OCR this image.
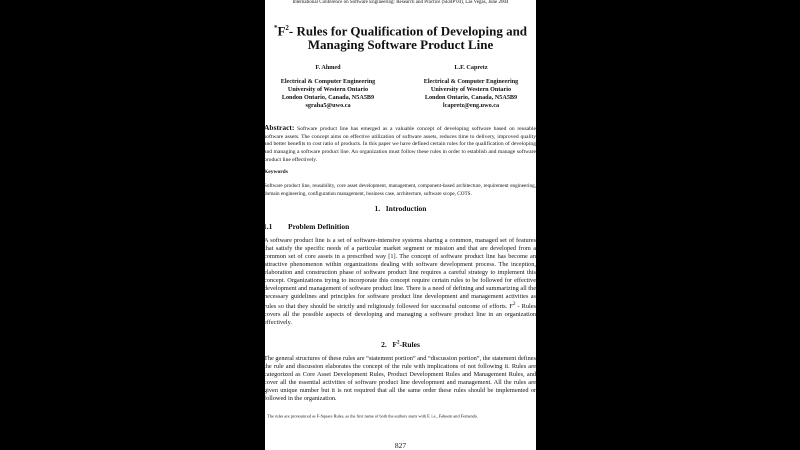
International Conference on Software Engineering: Research and Practice (SERP'04), Las Vegas, June 2004
$^*F^2-$ Rules for Qualification of Developing and
Managing Software Product Line
F. Ahmed
Electrical & Computer Engineering
University of Western Ontario
London Ontario, Canada, N5A5B9
sgraha5@uwo.ca
L.F. Capretz
Electrical & Computer Engineering
University of Western Ontario
London Ontario, Canada, N5A5B9
lcapretz@eng.uwo.ca
Abstract: Software product line has emerged as a valuable concept of developing software based on reusable software assets. The concept aims on effective utilization of software assets, reduces time to delivery, improved quality and better benefits to cost ratio of products. In this paper we have defined certain rules for the qualification of developing and managing a software product line. An organization must follow these rules in order to establish and manage software product line effectively.
Keywords
Software product line, reusability, core asset development, management, component-based architecture, requirement engineering, domain engineering, configuration management, business case, architecture, software scope, COTS.
1. Introduction
1.1 Problem Definition
A software product line is a set of software-intensive systems sharing a common, managed set of features that satisfy the specific needs of a particular market segment or mission and that are developed from a common set of core assets in a prescribed way [1]. The concept of software product line has become an attractive phenomenon within organizations dealing with software development process. The inception, elaboration and construction phase of software product line requires a careful strategy to implement this concept. Organizations trying to incorporate this concept require certain rules to be followed for effective development and management of software product line. There is a need of defining and summarizing all the necessary guidelines and principles for software product line development and management activities as rules so that they should be strictly and religiously followed for successful outcome of efforts. $F^2$ - Rules covers all the possible aspects of developing and managing a software product line in an organization effectively.
2. $F^2$-Rules
The general structures of these rules are “statement portion” and “discussion portion”, the statement defines the rule and discussion elaborates the concept of the rule with implications of not following it. Rules are categorized as Core Asset Development Rules, Product Development Rules and Management Rules, and cover all the essential activities of software product line development and management. All the rules are given unique number but it is not required that all the same order these rules should be implemented or followed in the organization.
* The rules are pronounced as F-Square Rules, as the first name of both the authors starts with F, i.e., Faheem and Fernando.
827
